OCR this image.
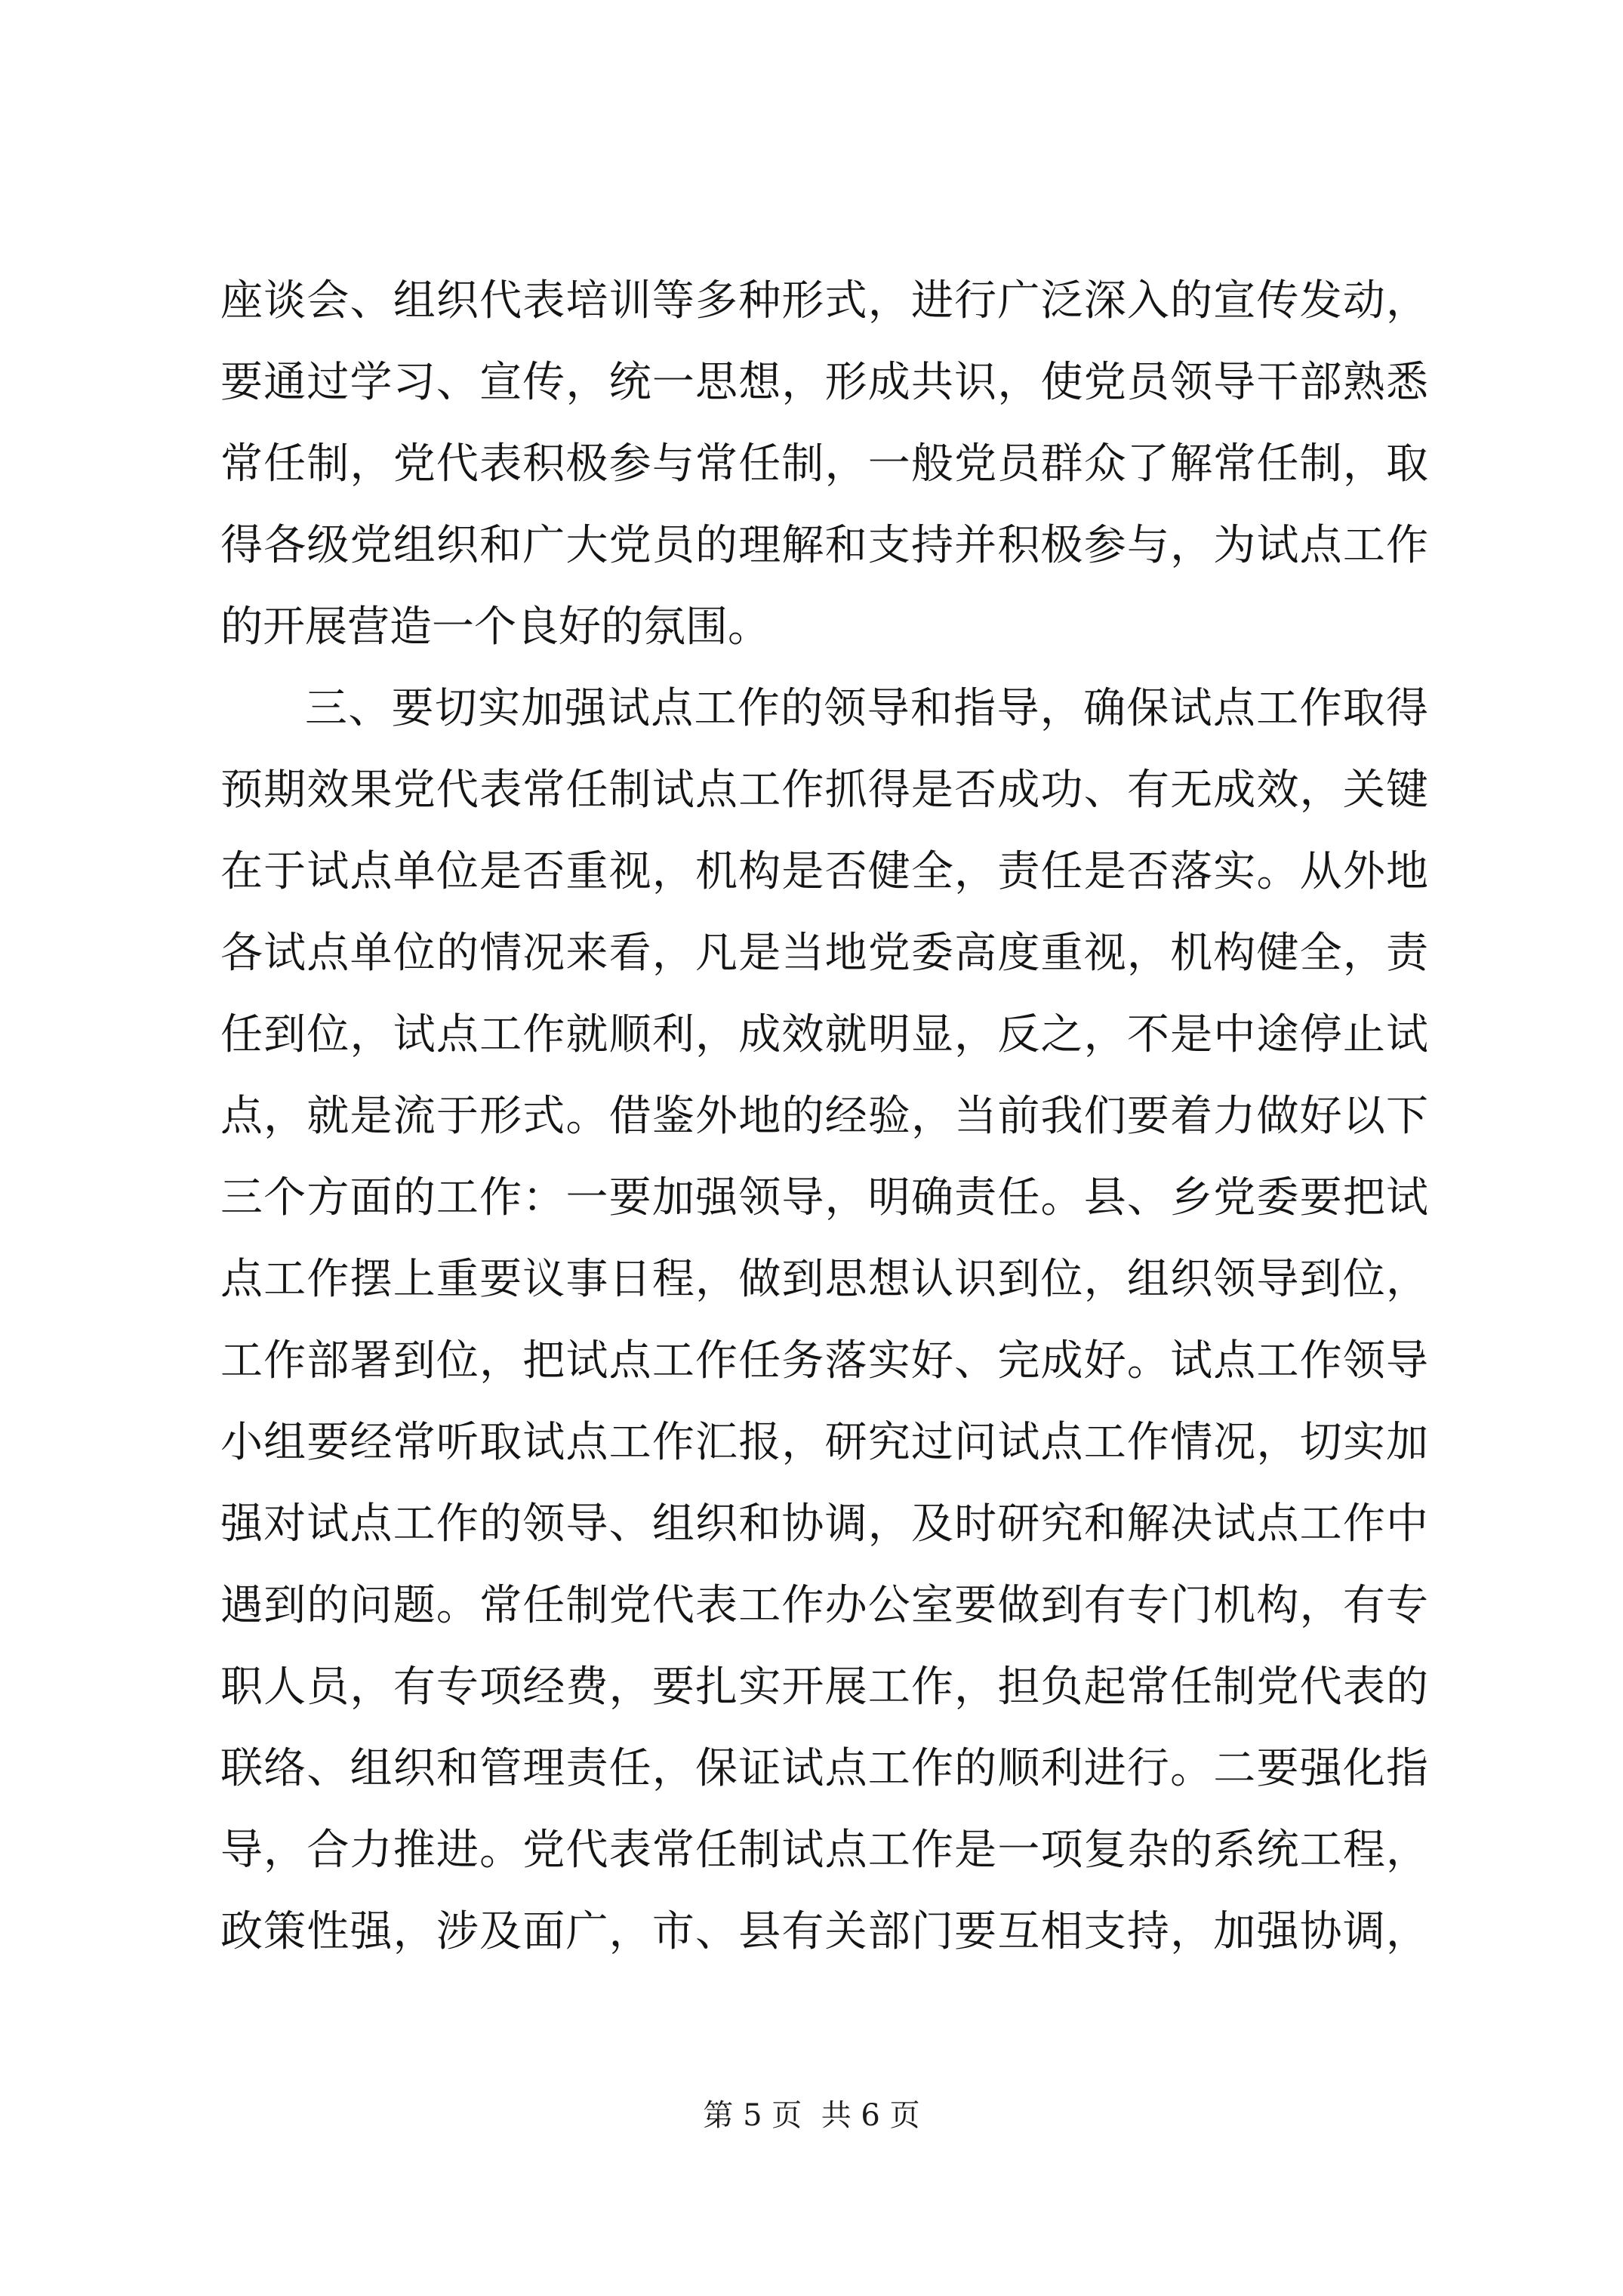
座谈会、组织代表培训等多种形式，进行广泛深入的宣传发动，
要通过学习、宣传，统一思想，形成共识，使党员领导干部熟悉
常任制，党代表积极参与常任制，一般党员群众了解常任制，取
得各级党组织和广大党员的理解和支持并积极参与，为试点工作
的开展营造一个良好的氛围。
三、要切实加强试点工作的领导和指导，确保试点工作取得
预期效果党代表常任制试点工作抓得是否成功、有无成效，关键
在于试点单位是否重视，机构是否健全，责任是否落实。从外地
各试点单位的情况来看，凡是当地党委高度重视，机构健全，责
任到位，试点工作就顺利，成效就明显，反之，不是中途停止试
点，就是流于形式。借鉴外地的经验，当前我们要着力做好以下
三个方面的工作：一要加强领导，明确责任。县、乡党委要把试
点工作摆上重要议事日程，做到思想认识到位，组织领导到位，
工作部署到位，把试点工作任务落实好、完成好。试点工作领导
小组要经常听取试点工作汇报，研究过问试点工作情况，切实加
强对试点工作的领导、组织和协调，及时研究和解决试点工作中
遇到的问题。常任制党代表工作办公室要做到有专门机构，有专
职人员，有专项经费，要扎实开展工作，担负起常任制党代表的
联络、组织和管理责任，保证试点工作的顺利进行。二要强化指
导，合力推进。党代表常任制试点工作是一项复杂的系统工程，
政策性强，涉及面广，市、县有关部门要互相支持，加强协调，
第 5 页  共 6 页
